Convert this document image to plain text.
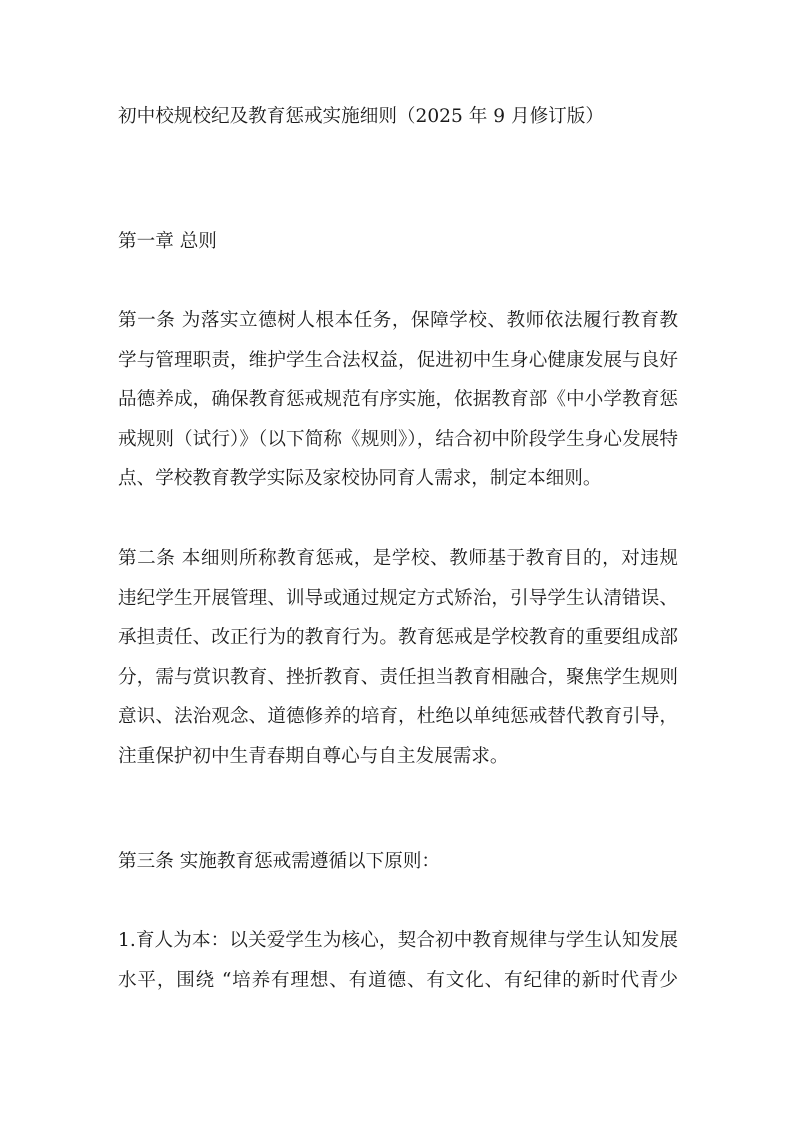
初中校规校纪及教育惩戒实施细则（2025 年 9 月修订版）
第一章 总则
第一条 为落实立德树人根本任务，保障学校、教师依法履行教育教
学与管理职责，维护学生合法权益，促进初中生身心健康发展与良好
品德养成，确保教育惩戒规范有序实施，依据教育部《中小学教育惩
戒规则（试行）》（以下简称《规则》），结合初中阶段学生身心发展特
点、学校教育教学实际及家校协同育人需求，制定本细则。
第二条 本细则所称教育惩戒，是学校、教师基于教育目的，对违规
违纪学生开展管理、训导或通过规定方式矫治，引导学生认清错误、
承担责任、改正行为的教育行为。教育惩戒是学校教育的重要组成部
分，需与赏识教育、挫折教育、责任担当教育相融合，聚焦学生规则
意识、法治观念、道德修养的培育，杜绝以单纯惩戒替代教育引导，
注重保护初中生青春期自尊心与自主发展需求。
第三条 实施教育惩戒需遵循以下原则：
1.育人为本：以关爱学生为核心，契合初中教育规律与学生认知发展
水平，围绕 “培养有理想、有道德、有文化、有纪律的新时代青少
